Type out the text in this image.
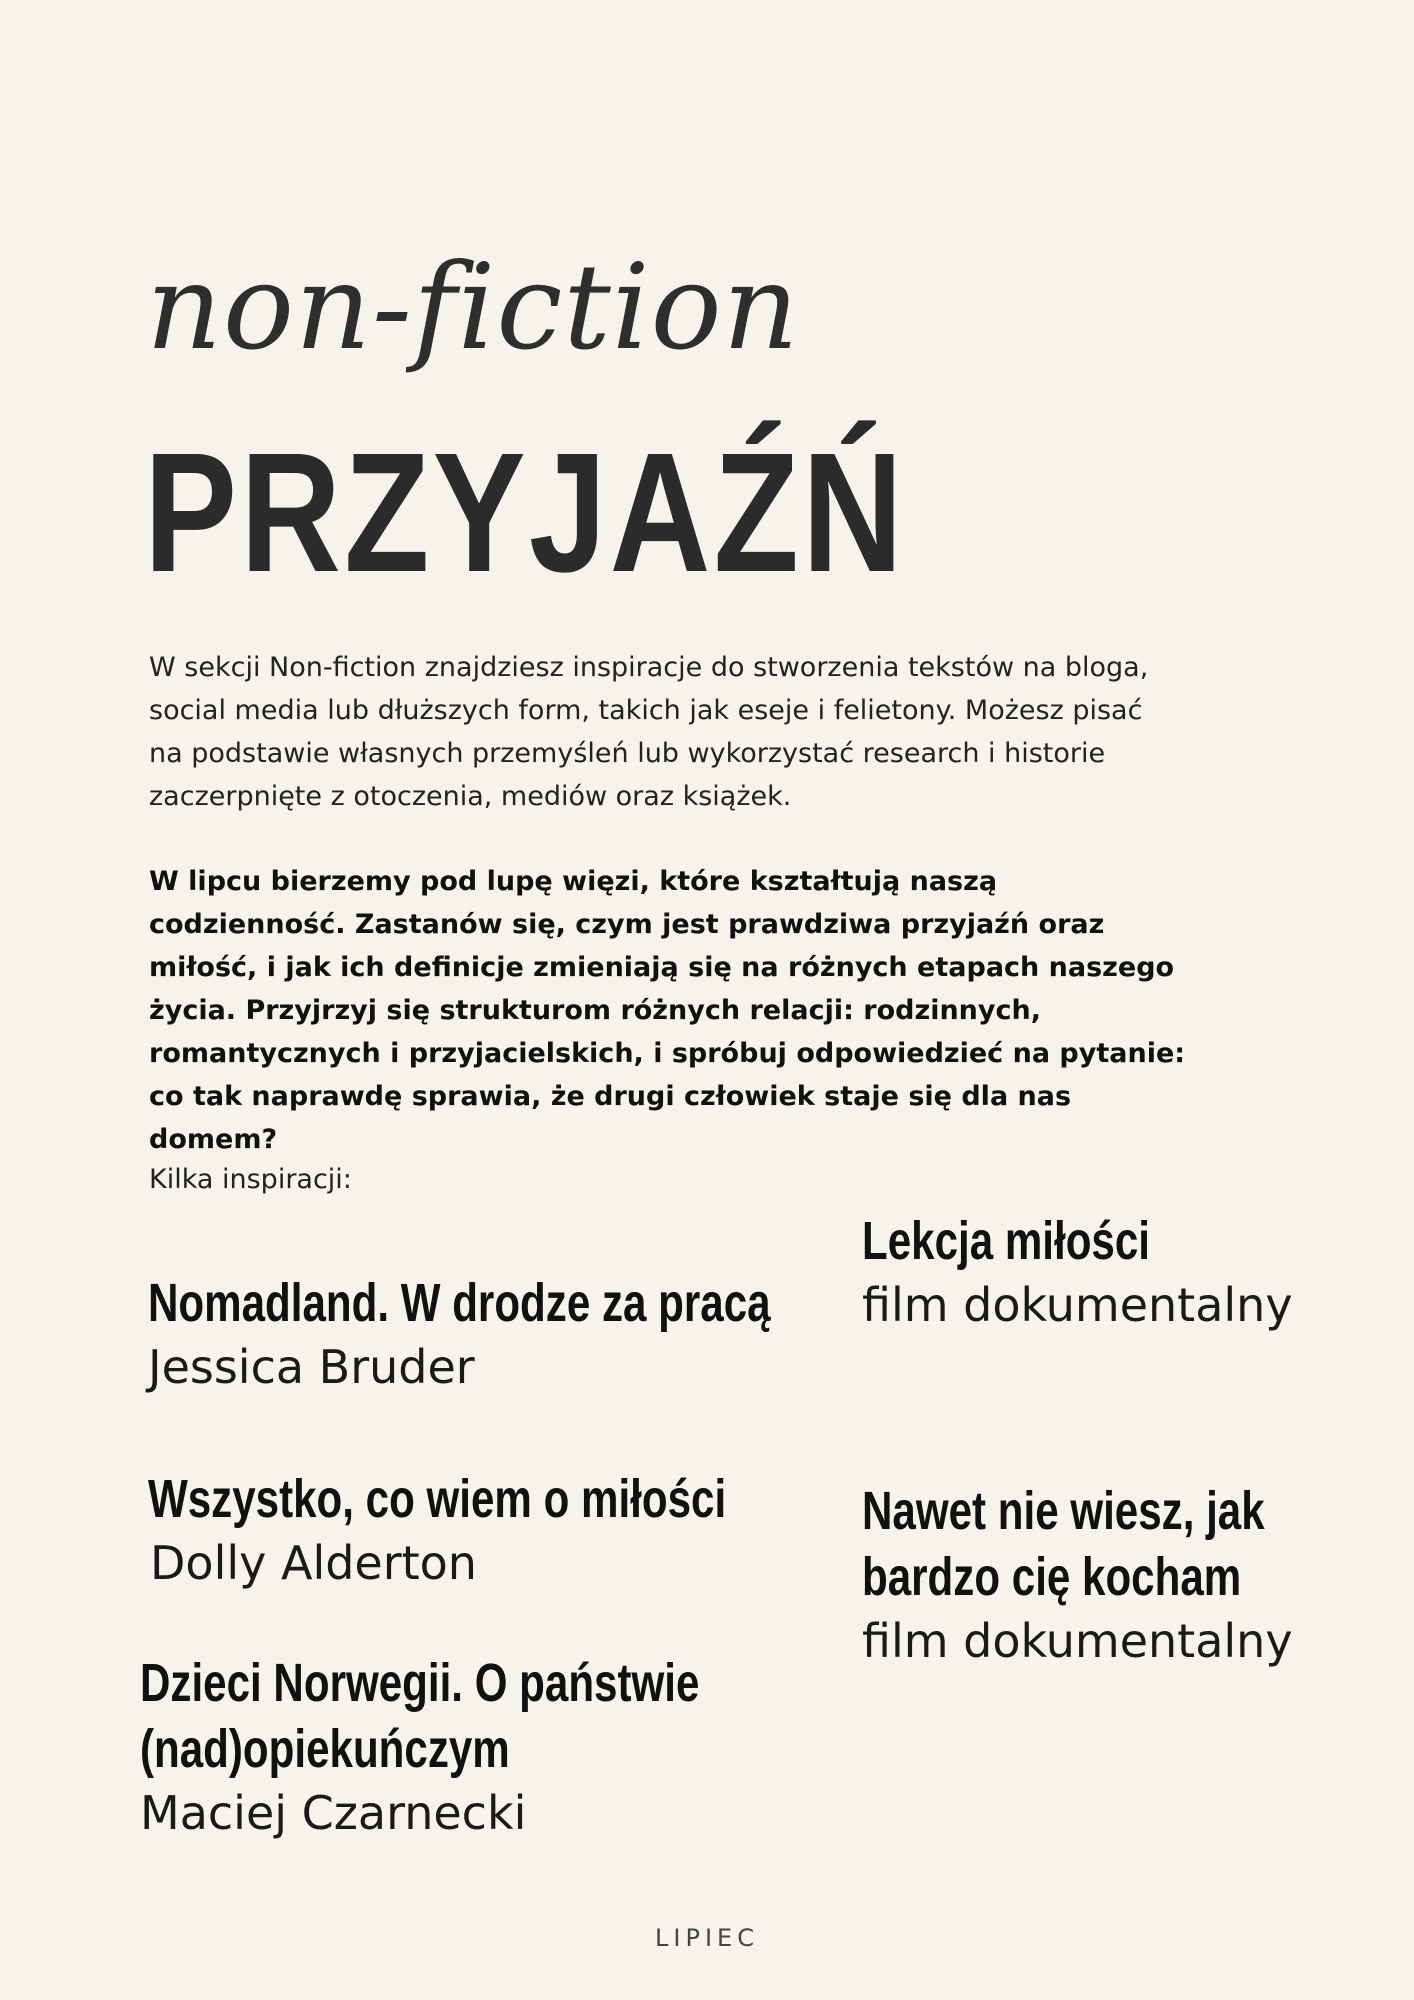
non-fiction
PRZYJAŹŃ

W sekcji Non-fiction znajdziesz inspiracje do stworzenia tekstów na bloga, social media lub dłuższych form, takich jak eseje i felietony. Możesz pisać na podstawie własnych przemyśleń lub wykorzystać research i historie zaczerpnięte z otoczenia, mediów oraz książek.

W lipcu bierzemy pod lupę więzi, które kształtują naszą codzienność. Zastanów się, czym jest prawdziwa przyjaźń oraz miłość, i jak ich definicje zmieniają się na różnych etapach naszego życia. Przyjrzyj się strukturom różnych relacji: rodzinnych, romantycznych i przyjacielskich, i spróbuj odpowiedzieć na pytanie: co tak naprawdę sprawia, że drugi człowiek staje się dla nas domem?

Kilka inspiracji:
Nomadland. W drodze za pracą
Jessica Bruder
Wszystko, co wiem o miłości
Dolly Alderton
Dzieci Norwegii. O państwie
(nad)opiekuńczym
Maciej Czarnecki
Lekcja miłości
film dokumentalny
Nawet nie wiesz, jak
bardzo cię kocham
film dokumentalny
LIPIEC
